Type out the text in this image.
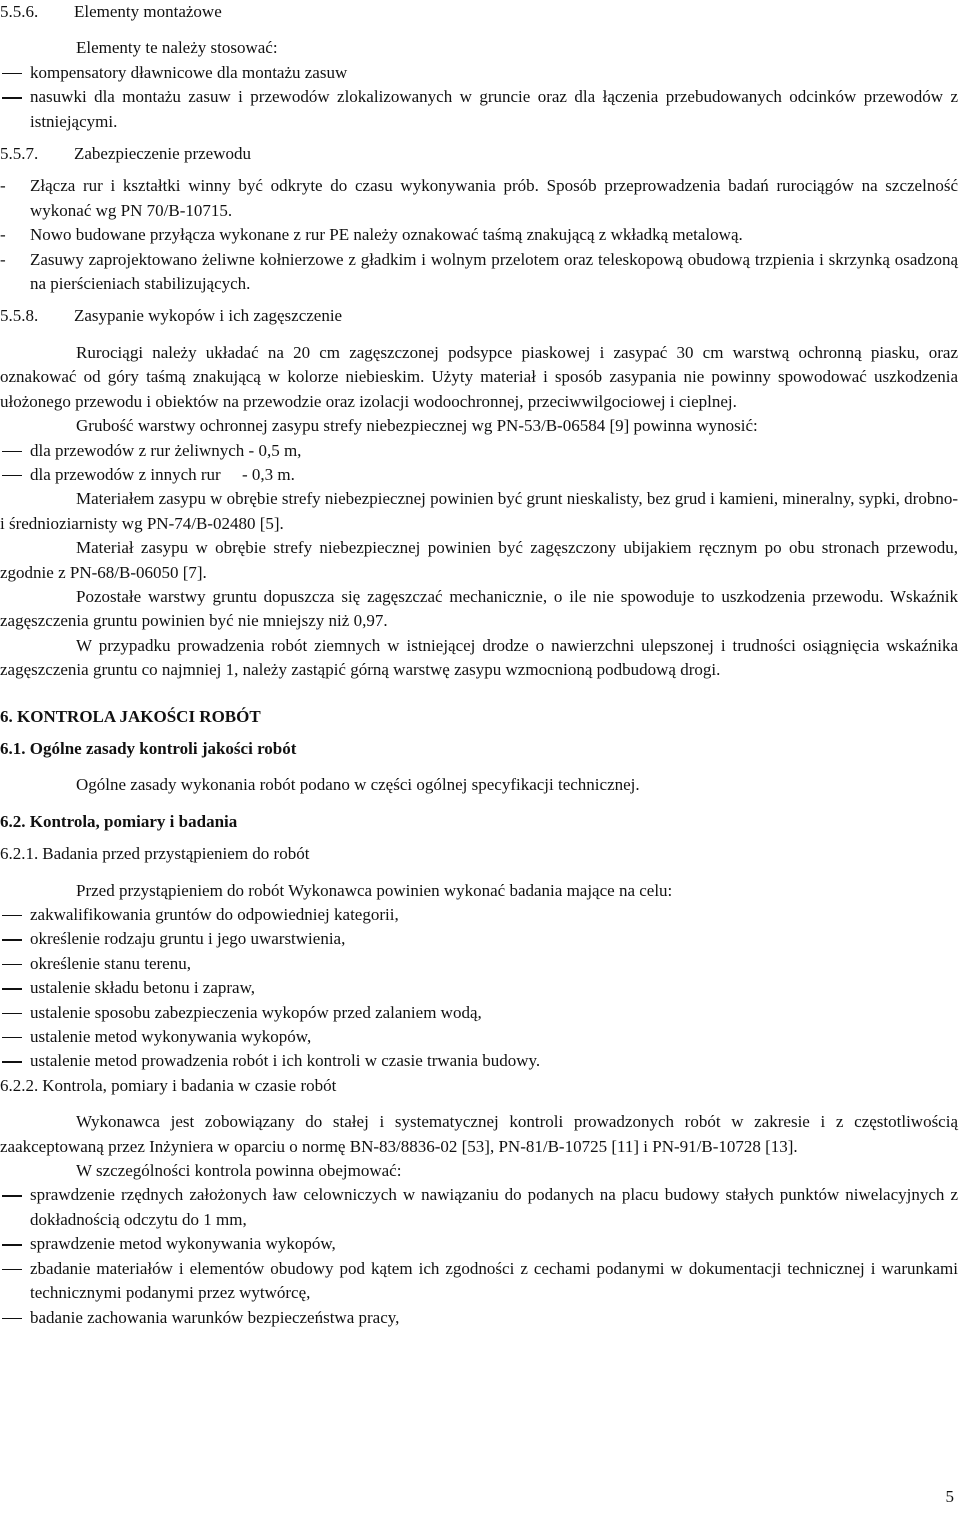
5.5.6.	Elementy montażowe

Elementy te należy stosować:

kompensatory dławnicowe dla montażu zasuw
nasuwki dla montażu zasuw i przewodów zlokalizowanych w gruncie oraz dla łączenia przebudowanych odcinków przewodów z istniejącymi.
5.5.7.	Zabezpieczenie przewodu
- Złącza rur i kształtki winny być odkryte do czasu wykonywania prób. Sposób przeprowadzenia badań rurociągów na szczelność wykonać wg PN 70/B-10715.
- Nowo budowane przyłącza wykonane z rur PE należy oznakować taśmą znakującą z wkładką metalową.
- Zasuwy zaprojektowano żeliwne kołnierzowe z gładkim i wolnym przelotem oraz teleskopową obudową trzpienia i skrzynką osadzoną na pierścieniach stabilizujących.
5.5.8.	Zasypanie wykopów i ich zagęszczenie

Rurociągi należy układać na 20 cm zagęszczonej podsypce piaskowej i zasypać 30 cm warstwą ochronną piasku, oraz oznakować od góry taśmą znakującą w kolorze niebieskim. Użyty materiał i sposób zasypania nie powinny spowodować uszkodzenia ułożonego przewodu i obiektów na przewodzie oraz izolacji wodoochronnej, przeciwwilgociowej i cieplnej.

Grubość warstwy ochronnej zasypu strefy niebezpiecznej wg PN-53/B-06584 [9] powinna wynosić:

dla przewodów z rur żeliwnych - 0,5 m,
dla przewodów z innych rur     - 0,3 m.

Materiałem zasypu w obrębie strefy niebezpiecznej powinien być grunt nieskalisty, bez grud i kamieni, mineralny, sypki, drobno- i średnioziarnisty wg PN-74/B-02480 [5].

Materiał zasypu w obrębie strefy niebezpiecznej powinien być zagęszczony ubijakiem ręcznym po obu stronach przewodu, zgodnie z PN-68/B-06050 [7].

Pozostałe warstwy gruntu dopuszcza się zagęszczać mechanicznie, o ile nie spowoduje to uszkodzenia przewodu. Wskaźnik zagęszczenia gruntu powinien być nie mniejszy niż 0,97.

W przypadku prowadzenia robót ziemnych w istniejącej drodze o nawierzchni ulepszonej i trudności osiągnięcia wskaźnika zagęszczenia gruntu co najmniej 1, należy zastąpić górną warstwę zasypu wzmocnioną podbudową drogi.

6. KONTROLA JAKOŚCI ROBÓT

6.1. Ogólne zasady kontroli jakości robót

Ogólne zasady wykonania robót podano w części ogólnej specyfikacji technicznej.

6.2. Kontrola, pomiary i badania

6.2.1. Badania przed przystąpieniem do robót

Przed przystąpieniem do robót Wykonawca powinien wykonać badania mające na celu:

zakwalifikowania gruntów do odpowiedniej kategorii,
określenie rodzaju gruntu i jego uwarstwienia,
określenie stanu terenu,
ustalenie składu betonu i zapraw,
ustalenie sposobu zabezpieczenia wykopów przed zalaniem wodą,
ustalenie metod wykonywania wykopów,
ustalenie metod prowadzenia robót i ich kontroli w czasie trwania budowy.
6.2.2. Kontrola, pomiary i badania w czasie robót

Wykonawca jest zobowiązany do stałej i systematycznej kontroli prowadzonych robót w zakresie i z częstotliwością zaakceptowaną przez Inżyniera w oparciu o normę BN-83/8836-02 [53], PN-81/B-10725 [11] i PN-91/B-10728 [13].

W szczególności kontrola powinna obejmować:

sprawdzenie rzędnych założonych ław celowniczych w nawiązaniu do podanych na placu budowy stałych punktów niwelacyjnych z dokładnością odczytu do 1 mm,
sprawdzenie metod wykonywania wykopów,
zbadanie materiałów i elementów obudowy pod kątem ich zgodności z cechami podanymi w dokumentacji technicznej i warunkami technicznymi podanymi przez wytwórcę,
badanie zachowania warunków bezpieczeństwa pracy,
5
